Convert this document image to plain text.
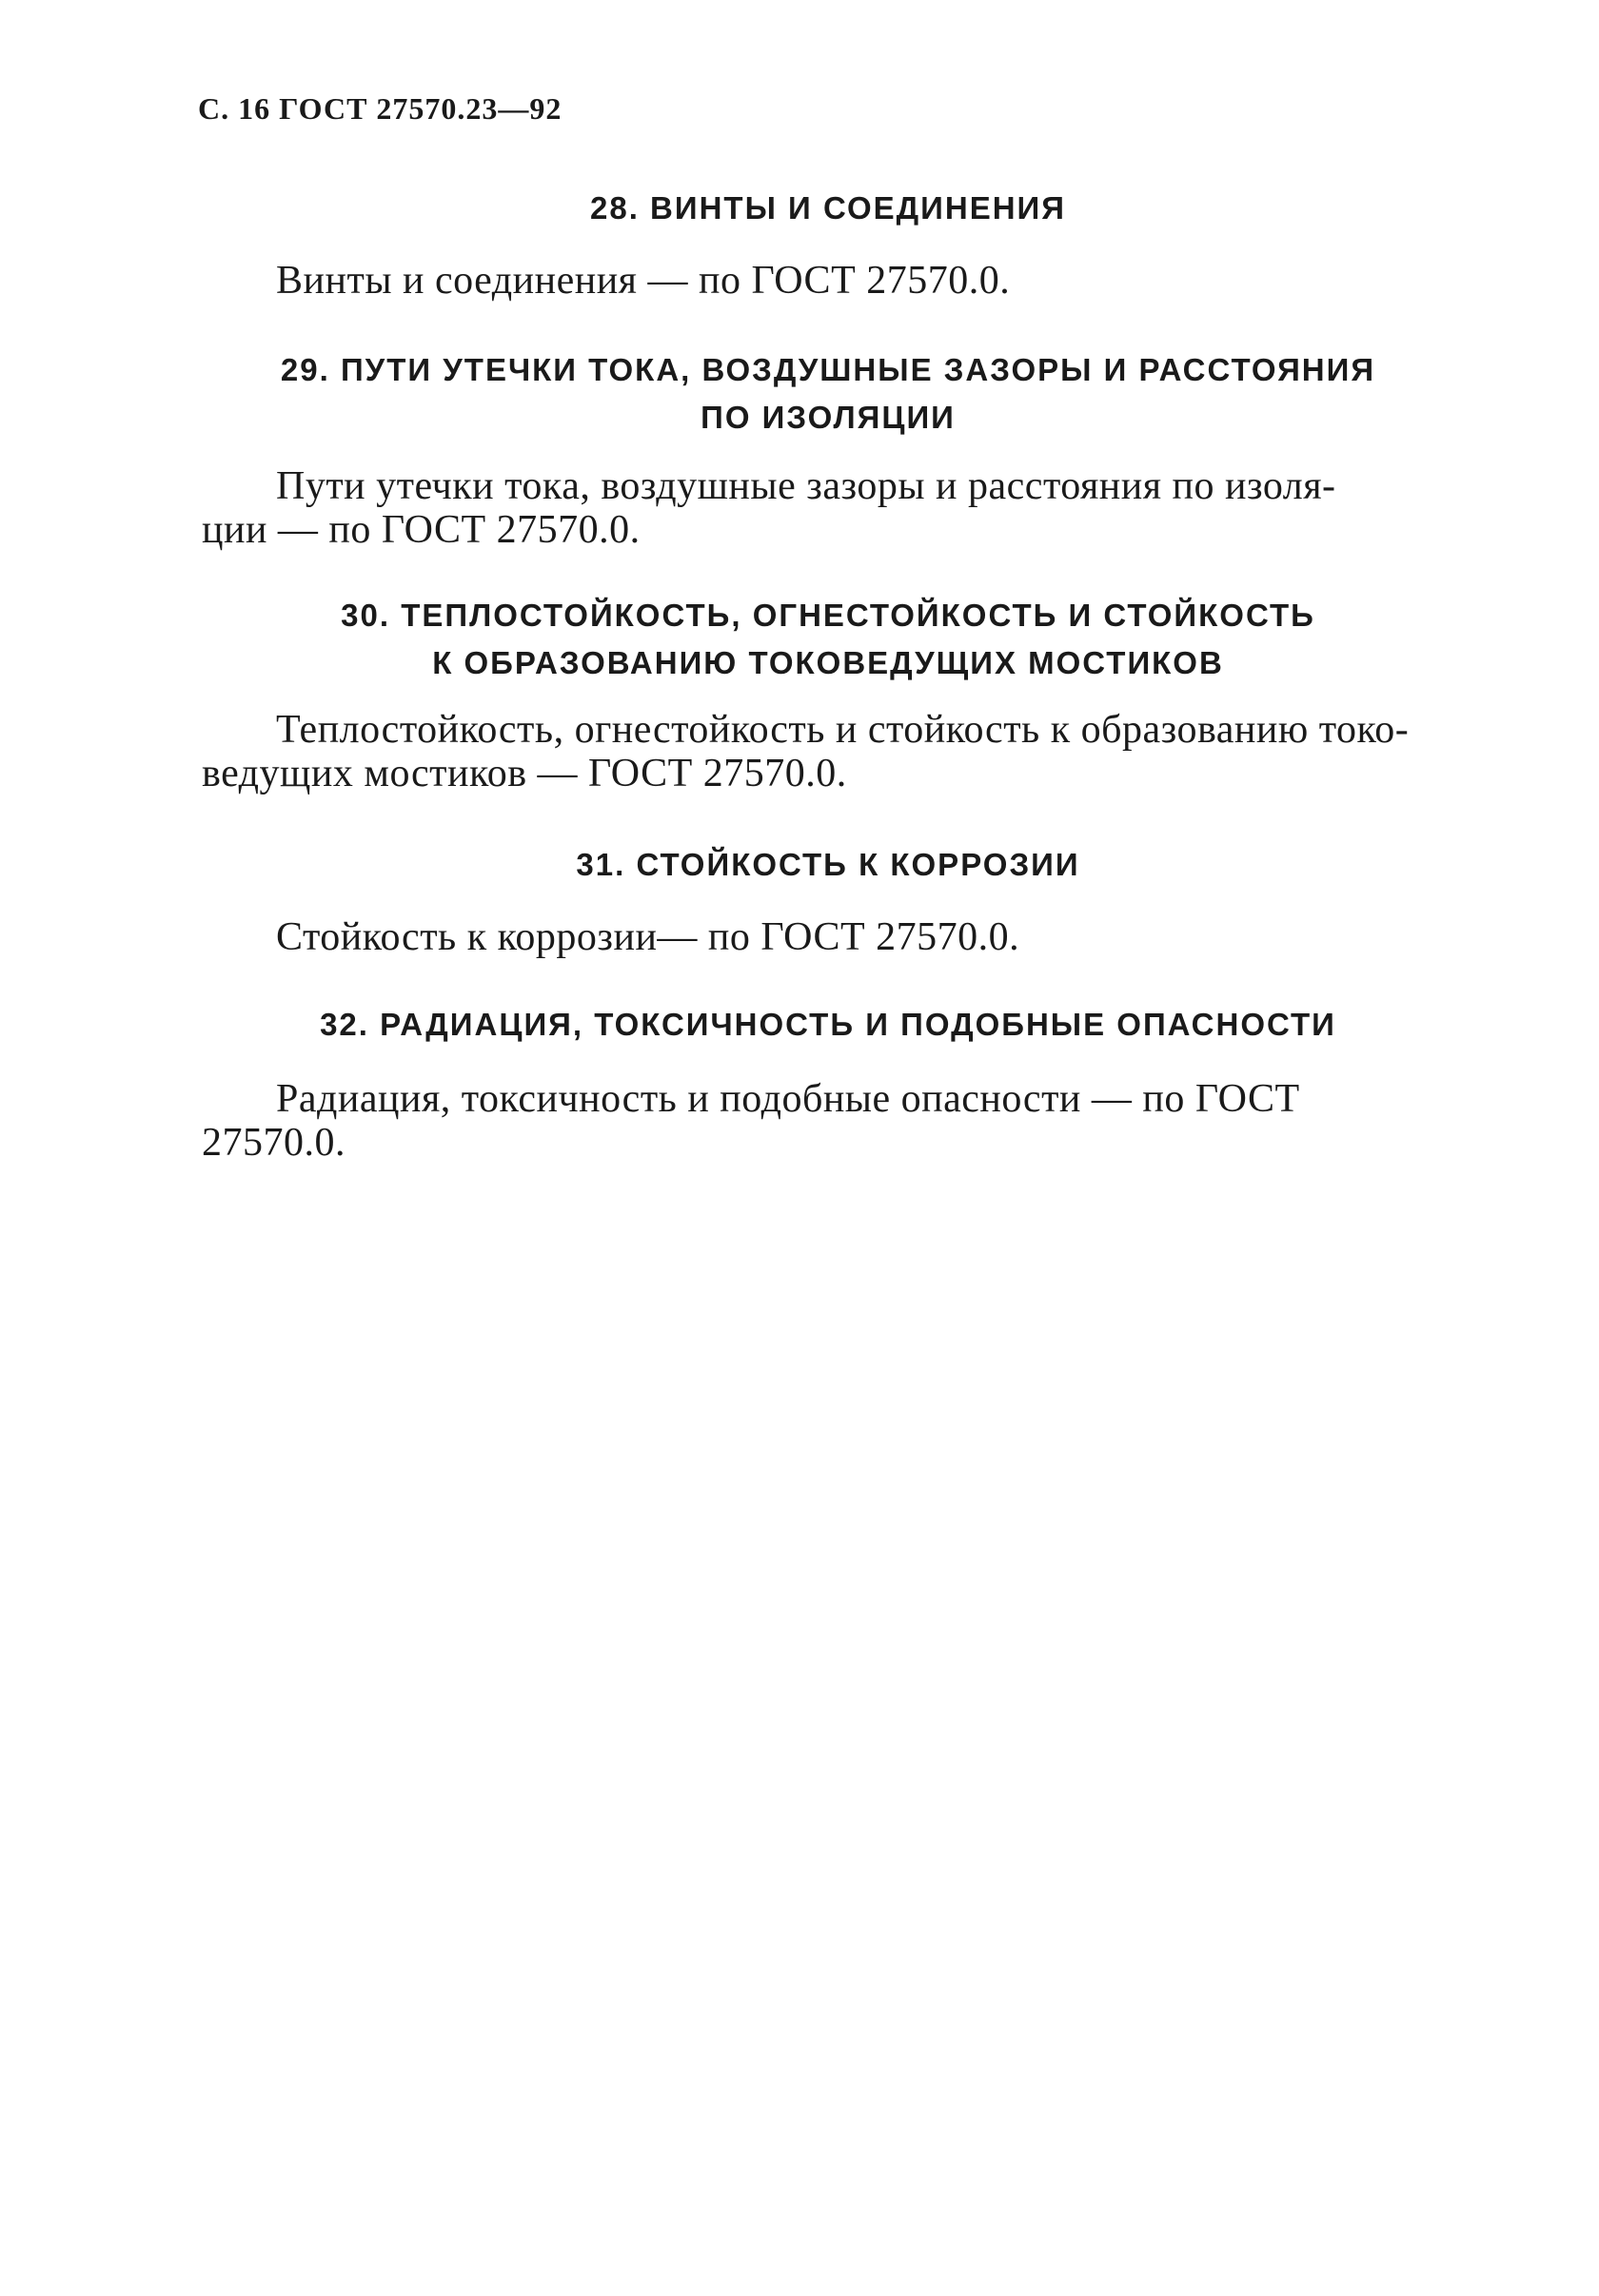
С. 16 ГОСТ 27570.23—92
28. ВИНТЫ И СОЕДИНЕНИЯ
Винты и соединения — по ГОСТ 27570.0.
29. ПУТИ УТЕЧКИ ТОКА, ВОЗДУШНЫЕ ЗАЗОРЫ И РАССТОЯНИЯ
ПО ИЗОЛЯЦИИ
Пути утечки тока, воздушные зазоры и расстояния по изоля-
ции — по ГОСТ 27570.0.
30. ТЕПЛОСТОЙКОСТЬ, ОГНЕСТОЙКОСТЬ И СТОЙКОСТЬ
К ОБРАЗОВАНИЮ ТОКОВЕДУЩИХ МОСТИКОВ
Теплостойкость, огнестойкость и стойкость к образованию токо-
ведущих мостиков — ГОСТ 27570.0.
31. СТОЙКОСТЬ К КОРРОЗИИ
Стойкость к коррозии— по ГОСТ 27570.0.
32. РАДИАЦИЯ, ТОКСИЧНОСТЬ И ПОДОБНЫЕ ОПАСНОСТИ
Радиация, токсичность и подобные опасности — по ГОСТ
27570.0.
